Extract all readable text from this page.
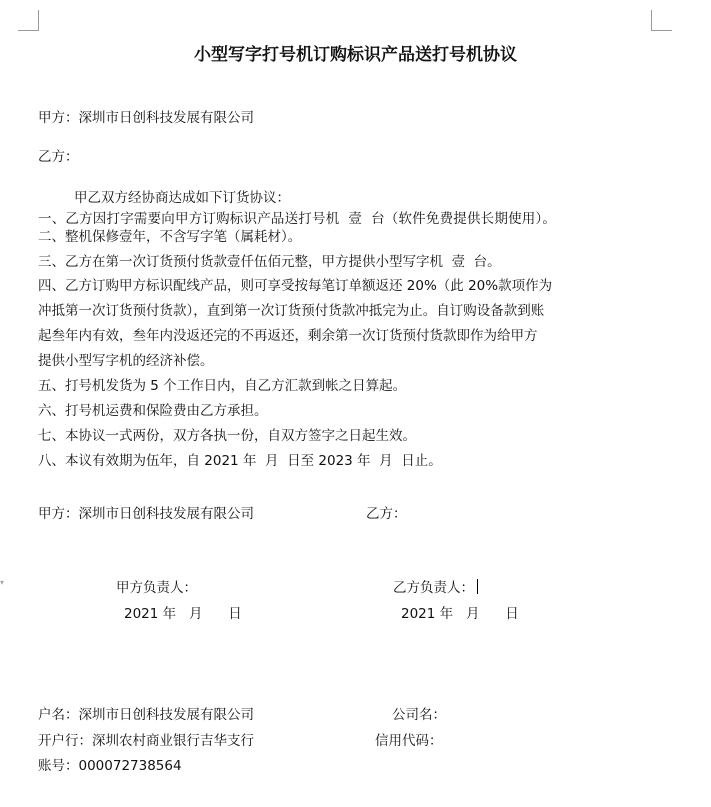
▾
小型写字打号机订购标识产品送打号机协议
甲方：深圳市日创科技发展有限公司
乙方：
甲乙双方经协商达成如下订货协议：
一、乙方因打字需要向甲方订购标识产品送打号机  壹  台（软件免费提供长期使用）。
二、整机保修壹年，不含写字笔（属耗材）。
三、乙方在第一次订货预付货款壹仟伍佰元整，甲方提供小型写字机  壹  台。
四、乙方订购甲方标识配线产品，则可享受按每笔订单额返还 20%（此 20%款项作为
冲抵第一次订货预付货款），直到第一次订货预付货款冲抵完为止。自订购设备款到账
起叁年内有效，叁年内没返还完的不再返还，剩余第一次订货预付货款即作为给甲方
提供小型写字机的经济补偿。
五、打号机发货为 5 个工作日内，自乙方汇款到帐之日算起。
六、打号机运费和保险费由乙方承担。
七、本协议一式两份，双方各执一份，自双方签字之日起生效。
八、本议有效期为伍年，自 2021 年  月  日至 2023 年  月  日止。
甲方：深圳市日创科技发展有限公司	乙方：
甲方负责人：	乙方负责人：
2021 年   月      日	2021 年   月      日
户名：深圳市日创科技发展有限公司	公司名：
开户行：深圳农村商业银行吉华支行	信用代码：
账号：000072738564
